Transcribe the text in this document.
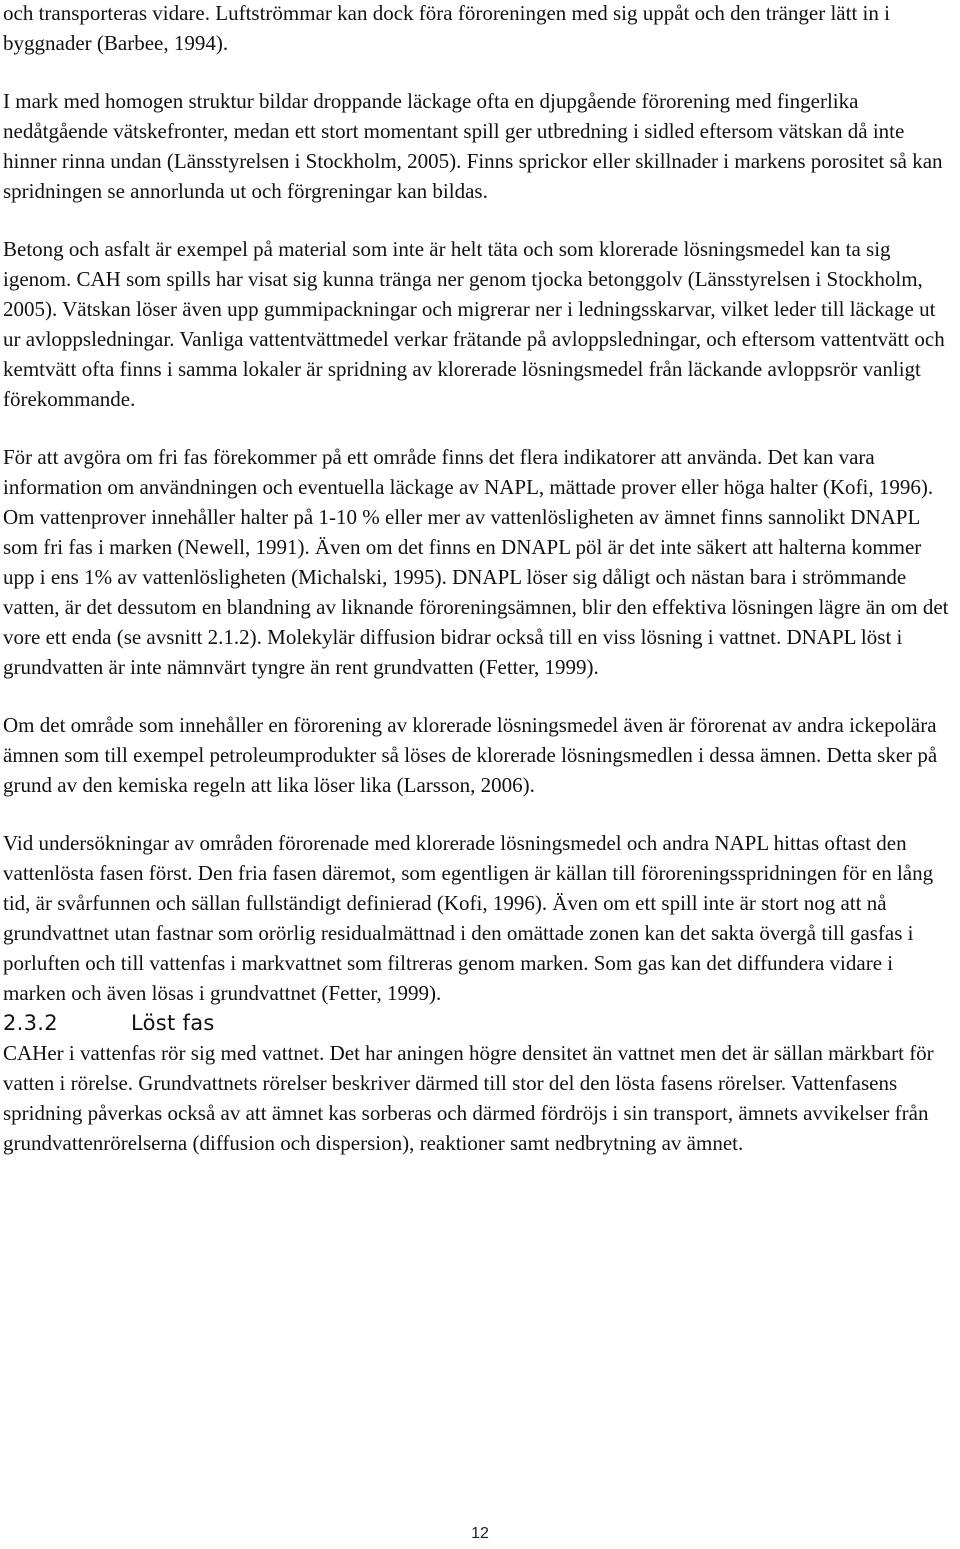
och transporteras vidare. Luftströmmar kan dock föra föroreningen med sig uppåt och den tränger lätt in i byggnader (Barbee, 1994).

I mark med homogen struktur bildar droppande läckage ofta en djupgående förorening med fingerlika nedåtgående vätskefronter, medan ett stort momentant spill ger utbredning i sidled eftersom vätskan då inte hinner rinna undan (Länsstyrelsen i Stockholm, 2005). Finns sprickor eller skillnader i markens porositet så kan spridningen se annorlunda ut och förgreningar kan bildas.

Betong och asfalt är exempel på material som inte är helt täta och som klorerade lösningsmedel kan ta sig igenom. CAH som spills har visat sig kunna tränga ner genom tjocka betonggolv (Länsstyrelsen i Stockholm, 2005). Vätskan löser även upp gummipackningar och migrerar ner i ledningsskarvar, vilket leder till läckage ut ur avloppsledningar. Vanliga vattentvättmedel verkar frätande på avloppsledningar, och eftersom vattentvätt och kemtvätt ofta finns i samma lokaler är spridning av klorerade lösningsmedel från läckande avloppsrör vanligt förekommande.

För att avgöra om fri fas förekommer på ett område finns det flera indikatorer att använda. Det kan vara information om användningen och eventuella läckage av NAPL, mättade prover eller höga halter (Kofi, 1996). Om vattenprover innehåller halter på 1-10 % eller mer av vattenlösligheten av ämnet finns sannolikt DNAPL som fri fas i marken (Newell, 1991). Även om det finns en DNAPL pöl är det inte säkert att halterna kommer upp i ens 1% av vattenlösligheten (Michalski, 1995). DNAPL löser sig dåligt och nästan bara i strömmande vatten, är det dessutom en blandning av liknande föroreningsämnen, blir den effektiva lösningen lägre än om det vore ett enda (se avsnitt 2.1.2). Molekylär diffusion bidrar också till en viss lösning i vattnet. DNAPL löst i grundvatten är inte nämnvärt tyngre än rent grundvatten (Fetter, 1999).

Om det område som innehåller en förorening av klorerade lösningsmedel även är förorenat av andra ickepolära ämnen som till exempel petroleumprodukter så löses de klorerade lösningsmedlen i dessa ämnen. Detta sker på grund av den kemiska regeln att lika löser lika (Larsson, 2006).

Vid undersökningar av områden förorenade med klorerade lösningsmedel och andra NAPL hittas oftast den vattenlösta fasen först. Den fria fasen däremot, som egentligen är källan till föroreningsspridningen för en lång tid, är svårfunnen och sällan fullständigt definierad (Kofi, 1996). Även om ett spill inte är stort nog att nå grundvattnet utan fastnar som orörlig residualmättnad i den omättade zonen kan det sakta övergå till gasfas i porluften och till vattenfas i markvattnet som filtreras genom marken. Som gas kan det diffundera vidare i marken och även lösas i grundvattnet (Fetter, 1999).

2.3.2	Löst fas

CAHer i vattenfas rör sig med vattnet. Det har aningen högre densitet än vattnet men det är sällan märkbart för vatten i rörelse. Grundvattnets rörelser beskriver därmed till stor del den lösta fasens rörelser. Vattenfasens spridning påverkas också av att ämnet kas sorberas och därmed fördröjs i sin transport, ämnets avvikelser från grundvattenrörelserna (diffusion och dispersion), reaktioner samt nedbrytning av ämnet.

12
